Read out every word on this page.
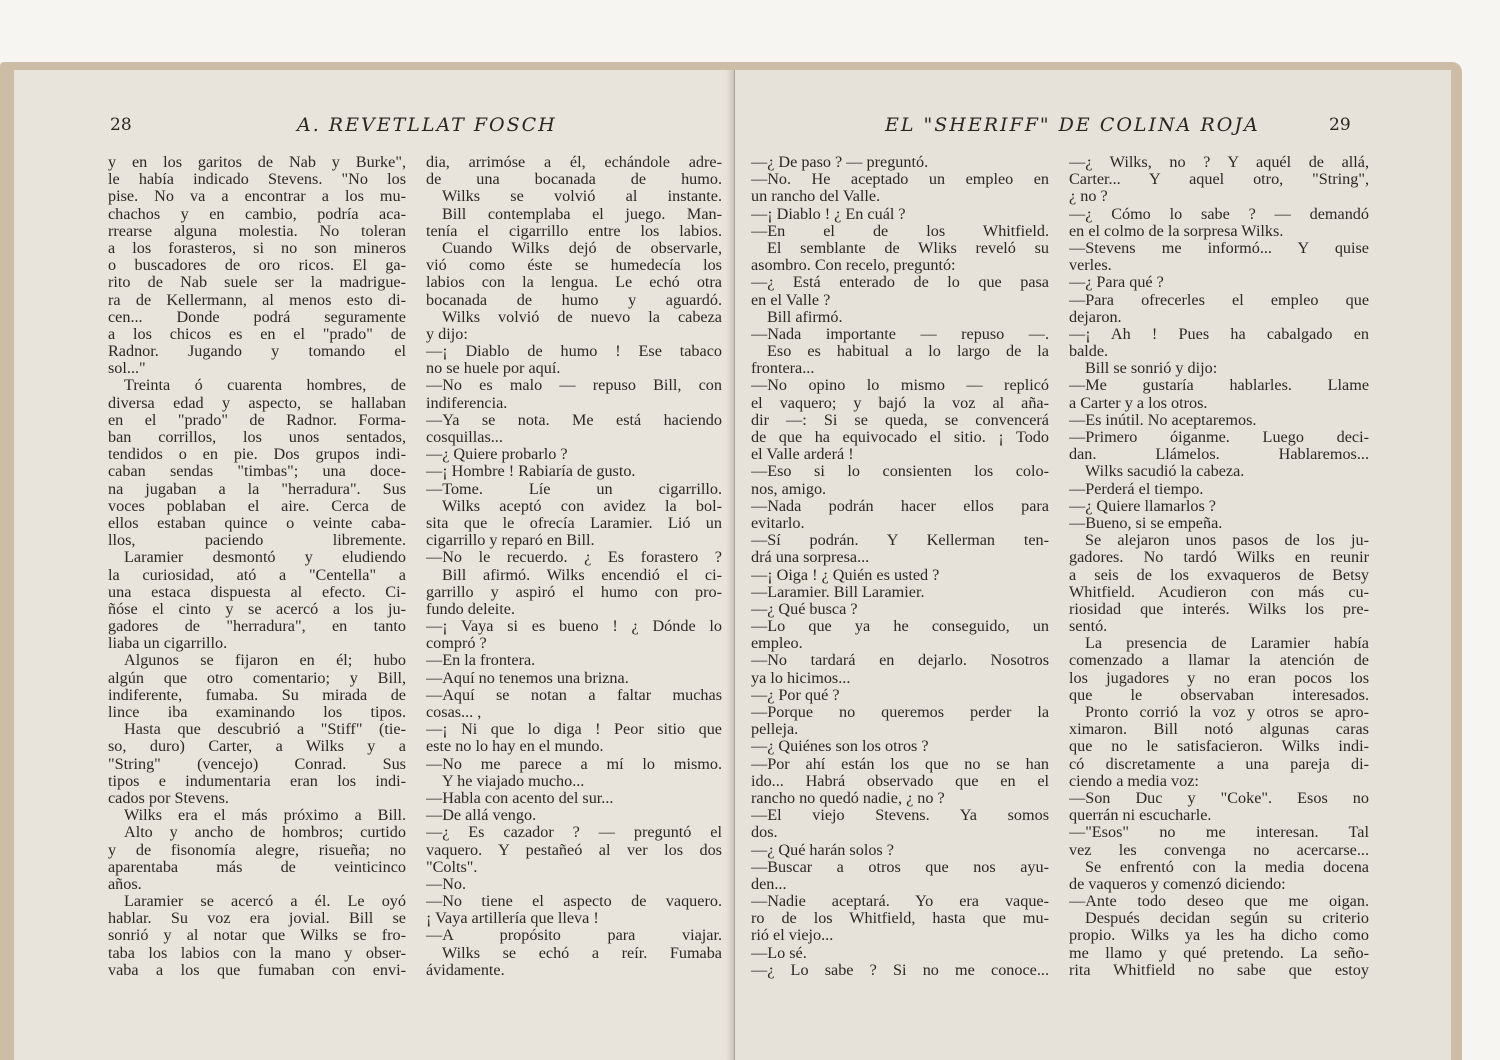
28	A. REVETLLAT FOSCH
y en los garitos de Nab y Burke",
le había indicado Stevens. "No los
pise. No va a encontrar a los mu-
chachos y en cambio, podría aca-
rrearse alguna molestia. No toleran
a los forasteros, si no son mineros
o buscadores de oro ricos. El ga-
rito de Nab suele ser la madrigue-
ra de Kellermann, al menos esto di-
cen... Donde podrá seguramente
a los chicos es en el "prado" de
Radnor. Jugando y tomando el
sol..."
Treinta ó cuarenta hombres, de
diversa edad y aspecto, se hallaban
en el "prado" de Radnor. Forma-
ban corrillos, los unos sentados,
tendidos o en pie. Dos grupos indi-
caban sendas "timbas"; una doce-
na jugaban a la "herradura". Sus
voces poblaban el aire. Cerca de
ellos estaban quince o veinte caba-
llos, paciendo libremente.
Laramier desmontó y eludiendo
la curiosidad, ató a "Centella" a
una estaca dispuesta al efecto. Ci-
ñóse el cinto y se acercó a los ju-
gadores de "herradura", en tanto
liaba un cigarrillo.
Algunos se fijaron en él; hubo
algún que otro comentario; y Bill,
indiferente, fumaba. Su mirada de
lince iba examinando los tipos.
Hasta que descubrió a "Stiff" (tie-
so, duro) Carter, a Wilks y a
"String" (vencejo) Conrad. Sus
tipos e indumentaria eran los indi-
cados por Stevens.
Wilks era el más próximo a Bill.
Alto y ancho de hombros; curtido
y de fisonomía alegre, risueña; no
aparentaba más de veinticinco
años.
Laramier se acercó a él. Le oyó
hablar. Su voz era jovial. Bill se
sonrió y al notar que Wilks se fro-
taba los labios con la mano y obser-
vaba a los que fumaban con envi-
dia, arrimóse a él, echándole adre-
de una bocanada de humo.
Wilks se volvió al instante.
Bill contemplaba el juego. Man-
tenía el cigarrillo entre los labios.
Cuando Wilks dejó de observarle,
vió como éste se humedecía los
labios con la lengua. Le echó otra
bocanada de humo y aguardó.
Wilks volvió de nuevo la cabeza
y dijo:
—¡ Diablo de humo ! Ese tabaco
no se huele por aquí.
—No es malo — repuso Bill, con
indiferencia.
—Ya se nota. Me está haciendo
cosquillas...
—¿ Quiere probarlo ?
—¡ Hombre ! Rabiaría de gusto.
—Tome. Líe un cigarrillo.
Wilks aceptó con avidez la bol-
sita que le ofrecía Laramier. Lió un
cigarrillo y reparó en Bill.
—No le recuerdo. ¿ Es forastero ?
Bill afirmó. Wilks encendió el ci-
garrillo y aspiró el humo con pro-
fundo deleite.
—¡ Vaya si es bueno ! ¿ Dónde lo
compró ?
—En la frontera.
—Aquí no tenemos una brizna.
—Aquí se notan a faltar muchas
cosas... ,
—¡ Ni que lo diga ! Peor sitio que
este no lo hay en el mundo.
—No me parece a mí lo mismo.
Y he viajado mucho...
—Habla con acento del sur...
—De allá vengo.
—¿ Es cazador ? — preguntó el
vaquero. Y pestañeó al ver los dos
"Colts".
—No.
—No tiene el aspecto de vaquero.
¡ Vaya artillería que lleva !
—A propósito para viajar.
Wilks se echó a reír. Fumaba
ávidamente.
EL "SHERIFF" DE COLINA ROJA	29
—¿ De paso ? — preguntó.
—No. He aceptado un empleo en
un rancho del Valle.
—¡ Diablo ! ¿ En cuál ?
—En el de los Whitfield.
El semblante de Wliks reveló su
asombro. Con recelo, preguntó:
—¿ Está enterado de lo que pasa
en el Valle ?
Bill afirmó.
—Nada importante — repuso —.
Eso es habitual a lo largo de la
frontera...
—No opino lo mismo — replicó
el vaquero; y bajó la voz al aña-
dir —: Si se queda, se convencerá
de que ha equivocado el sitio. ¡ Todo
el Valle arderá !
—Eso si lo consienten los colo-
nos, amigo.
—Nada podrán hacer ellos para
evitarlo.
—Sí podrán. Y Kellerman ten-
drá una sorpresa...
—¡ Oiga ! ¿ Quién es usted ?
—Laramier. Bill Laramier.
—¿ Qué busca ?
—Lo que ya he conseguido, un
empleo.
—No tardará en dejarlo. Nosotros
ya lo hicimos...
—¿ Por qué ?
—Porque no queremos perder la
pelleja.
—¿ Quiénes son los otros ?
—Por ahí están los que no se han
ido... Habrá observado que en el
rancho no quedó nadie, ¿ no ?
—El viejo Stevens. Ya somos
dos.
—¿ Qué harán solos ?
—Buscar a otros que nos ayu-
den...
—Nadie aceptará. Yo era vaque-
ro de los Whitfield, hasta que mu-
rió el viejo...
—Lo sé.
—¿ Lo sabe ? Si no me conoce...
—¿ Wilks, no ? Y aquél de allá,
Carter... Y aquel otro, "String",
¿ no ?
—¿ Cómo lo sabe ? — demandó
en el colmo de la sorpresa Wilks.
—Stevens me informó... Y quise
verles.
—¿ Para qué ?
—Para ofrecerles el empleo que
dejaron.
—¡ Ah ! Pues ha cabalgado en
balde.
Bill se sonrió y dijo:
—Me gustaría hablarles. Llame
a Carter y a los otros.
—Es inútil. No aceptaremos.
—Primero óiganme. Luego deci-
dan. Llámelos. Hablaremos...
Wilks sacudió la cabeza.
—Perderá el tiempo.
—¿ Quiere llamarlos ?
—Bueno, si se empeña.
Se alejaron unos pasos de los ju-
gadores. No tardó Wilks en reunir
a seis de los exvaqueros de Betsy
Whitfield. Acudieron con más cu-
riosidad que interés. Wilks los pre-
sentó.
La presencia de Laramier había
comenzado a llamar la atención de
los jugadores y no eran pocos los
que le observaban interesados.
Pronto corrió la voz y otros se apro-
ximaron. Bill notó algunas caras
que no le satisfacieron. Wilks indi-
có discretamente a una pareja di-
ciendo a media voz:
—Son Duc y "Coke". Esos no
querrán ni escucharle.
—"Esos" no me interesan. Tal
vez les convenga no acercarse...
Se enfrentó con la media docena
de vaqueros y comenzó diciendo:
—Ante todo deseo que me oigan.
Después decidan según su criterio
propio. Wilks ya les ha dicho como
me llamo y qué pretendo. La seño-
rita Whitfield no sabe que estoy
